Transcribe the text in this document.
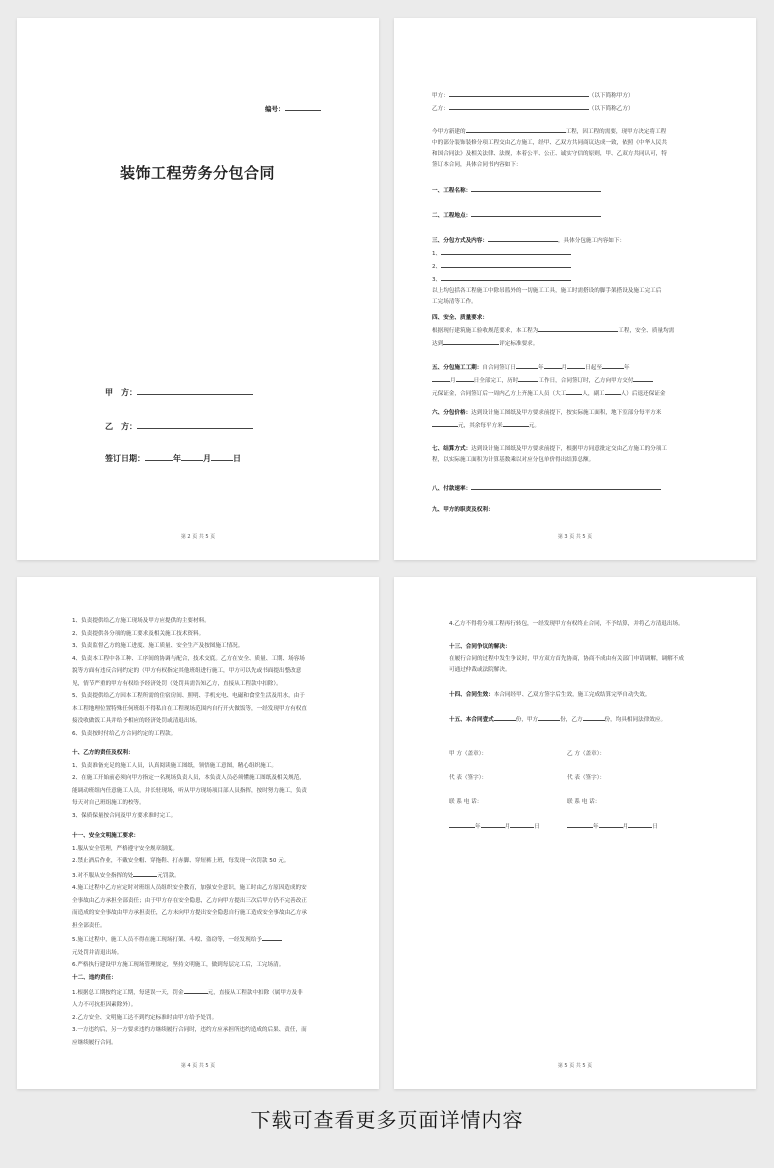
编号：
装饰工程劳务分包合同
甲　方：
乙　方：
签订日期：	年	月	日
第 2 页 共 5 页

甲方：	（以下简称甲方）

乙方：	（以下简称乙方）

今甲方新建的	工程，因工程的需要，现甲方决定将工程

中的部分装饰装修分项工程交由乙方施工，经甲、乙双方共同商议达成一致，依照《中华人民共

和国合同法》及相关法律、法规，本着公平、公正、诚实守信的原则，甲、乙双方共同认可，特

签订本合同，具体合同书内容如下：

一、工程名称：
二、工程地点：

三、分包方式及内容：	，具体分包施工内容如下：

1、

2、

3、

以上均包括各工程施工中除吊篮外的一切施工工具，施工时需搭设的脚手架搭设及施工完工后

工完场清等工作。

四、安全、质量要求：

根据现行建筑施工验收规范要求，本工程为	工程，安全、质量均需

达到	评定标准要求。

五、分包施工工期：自合同签订日	年	月	日起至	年

月	日全部完工，历时	工作日，合同签订时，乙方向甲方交付

元保证金，合同签订后一周内乙方上齐施工人员（大工	人，副工	人）后退还保证金

六、分包价格：达到设计施工图纸及甲方要求前提下，按实际施工面积，地下室部分每平方米

元，其余每平方米	元。

七、结算方式：达到设计施工图纸及甲方要求前提下，根据甲方同意批定交由乙方施工的分项工

程，以实际施工面积为计算基数乘以对应分包单价得出结算总额。

八、付款速率：
九、甲方的职责及权利：
第 3 页 共 5 页

1、负责提供给乙方施工现场及甲方应提供的主要材料。

2、负责提供各分项的施工要求及相关施工技术资料。

3、负责监督乙方的施工进度、施工质量、安全生产及按图施工情况。

4、负责本工程中各工种、工序间的协调与配合，技术交底。乙方在安全、质量、工期、场容场

貌等方面有违反合同约定的（甲方有权指定其他班组进行施工，甲方可以先或书面提出整改意

见，情节严重的甲方有权给予经济处罚（处罚具需告知乙方，直接从工程款中扣除）。

5、负责提供给乙方因本工程所需的住宿房间、照明、手机充电、电磁和食堂生活及用水，由于

本工程地理位置特殊任何班组不得私自在工程现场范围内自行开火做饭等，一经发现甲方有权直

接没收做饭工具并给予相应的经济处罚或清退出场。

6、负责按时付给乙方合同约定的工程款。

十、乙方的责任及权利：

1、负责准备充足的施工人员，认真阅读施工图纸，领悟施工意图，精心组织施工。

2、在施工开始前必须向甲方指定一名现场负责人员，本负责人员必须懂施工图纸及相关规范，

能调动班组内任意施工人员，并长驻现场，听从甲方现场项目部人员指挥，按时努力施工，负责

每天对自己班组施工的校等。

3、保质保量按合同及甲方要求准时完工。

十一、安全文明施工要求：

1.服从安全管理，严格遵守安全规章制度。

2.禁止酒后作业，不戴安全帽、穿拖鞋、打赤脚、穿短裤上班，每发现一次罚款 50 元。

3.对不服从安全指挥的处	元罚款。

4.施工过程中乙方应定时对班组人员组织安全教育，加强安全意识，施工时由乙方原因造成的安

全事故由乙方承担全部责任；由于甲方存在安全隐患，乙方向甲方提出三次后甲方仍不完善改正

而造成的安全事故由甲方承担责任，乙方未向甲方提出安全隐患自行施工造成安全事故由乙方承

担全部责任。

5.施工过程中，施工人员不得在施工现场打架、斗殴、盗窃等，一经发现给予

元处罚并清退出场。

6.严格执行建设甲方施工现场管理规定，坚持文明施工，做到每层完工后，工完场清。

十二、违约责任：

1.根据总工期按约定工期，每延误一天，罚金	元，直接从工程款中扣除（属甲方及非

人力不可抗拒因素除外）。

2.乙方安全、文明施工达不到约定标准时由甲方给予处罚。

3.一方违约后，另一方要求违约方继续履行合同时，违约方应承担所违约造成的后果、责任，而

应继续履行合同。

第 4 页 共 5 页

4.乙方不得将分项工程再行转包，一经发现甲方有权终止合同，不予结算，并将乙方清退出场。

十三、合同争议的解决：

在履行合同的过程中发生争议时，甲方双方首先协商，协商不成由有关部门申请调解，调解不成

可通过仲裁或法院解决。

十四、合同生效：本合同经甲、乙双方签字后生效，施工完成结算完毕自动失效。
十五、本合同壹式	份，甲方	份，乙方	份，均具相同法律效应。
甲 方（盖章）：	乙 方（盖章）：
代 表（签字）：	代 表（签字）：
联 系 电 话：	联 系 电 话：
年	月	日	年	月	日
第 5 页 共 5 页
下载可查看更多页面详情内容
